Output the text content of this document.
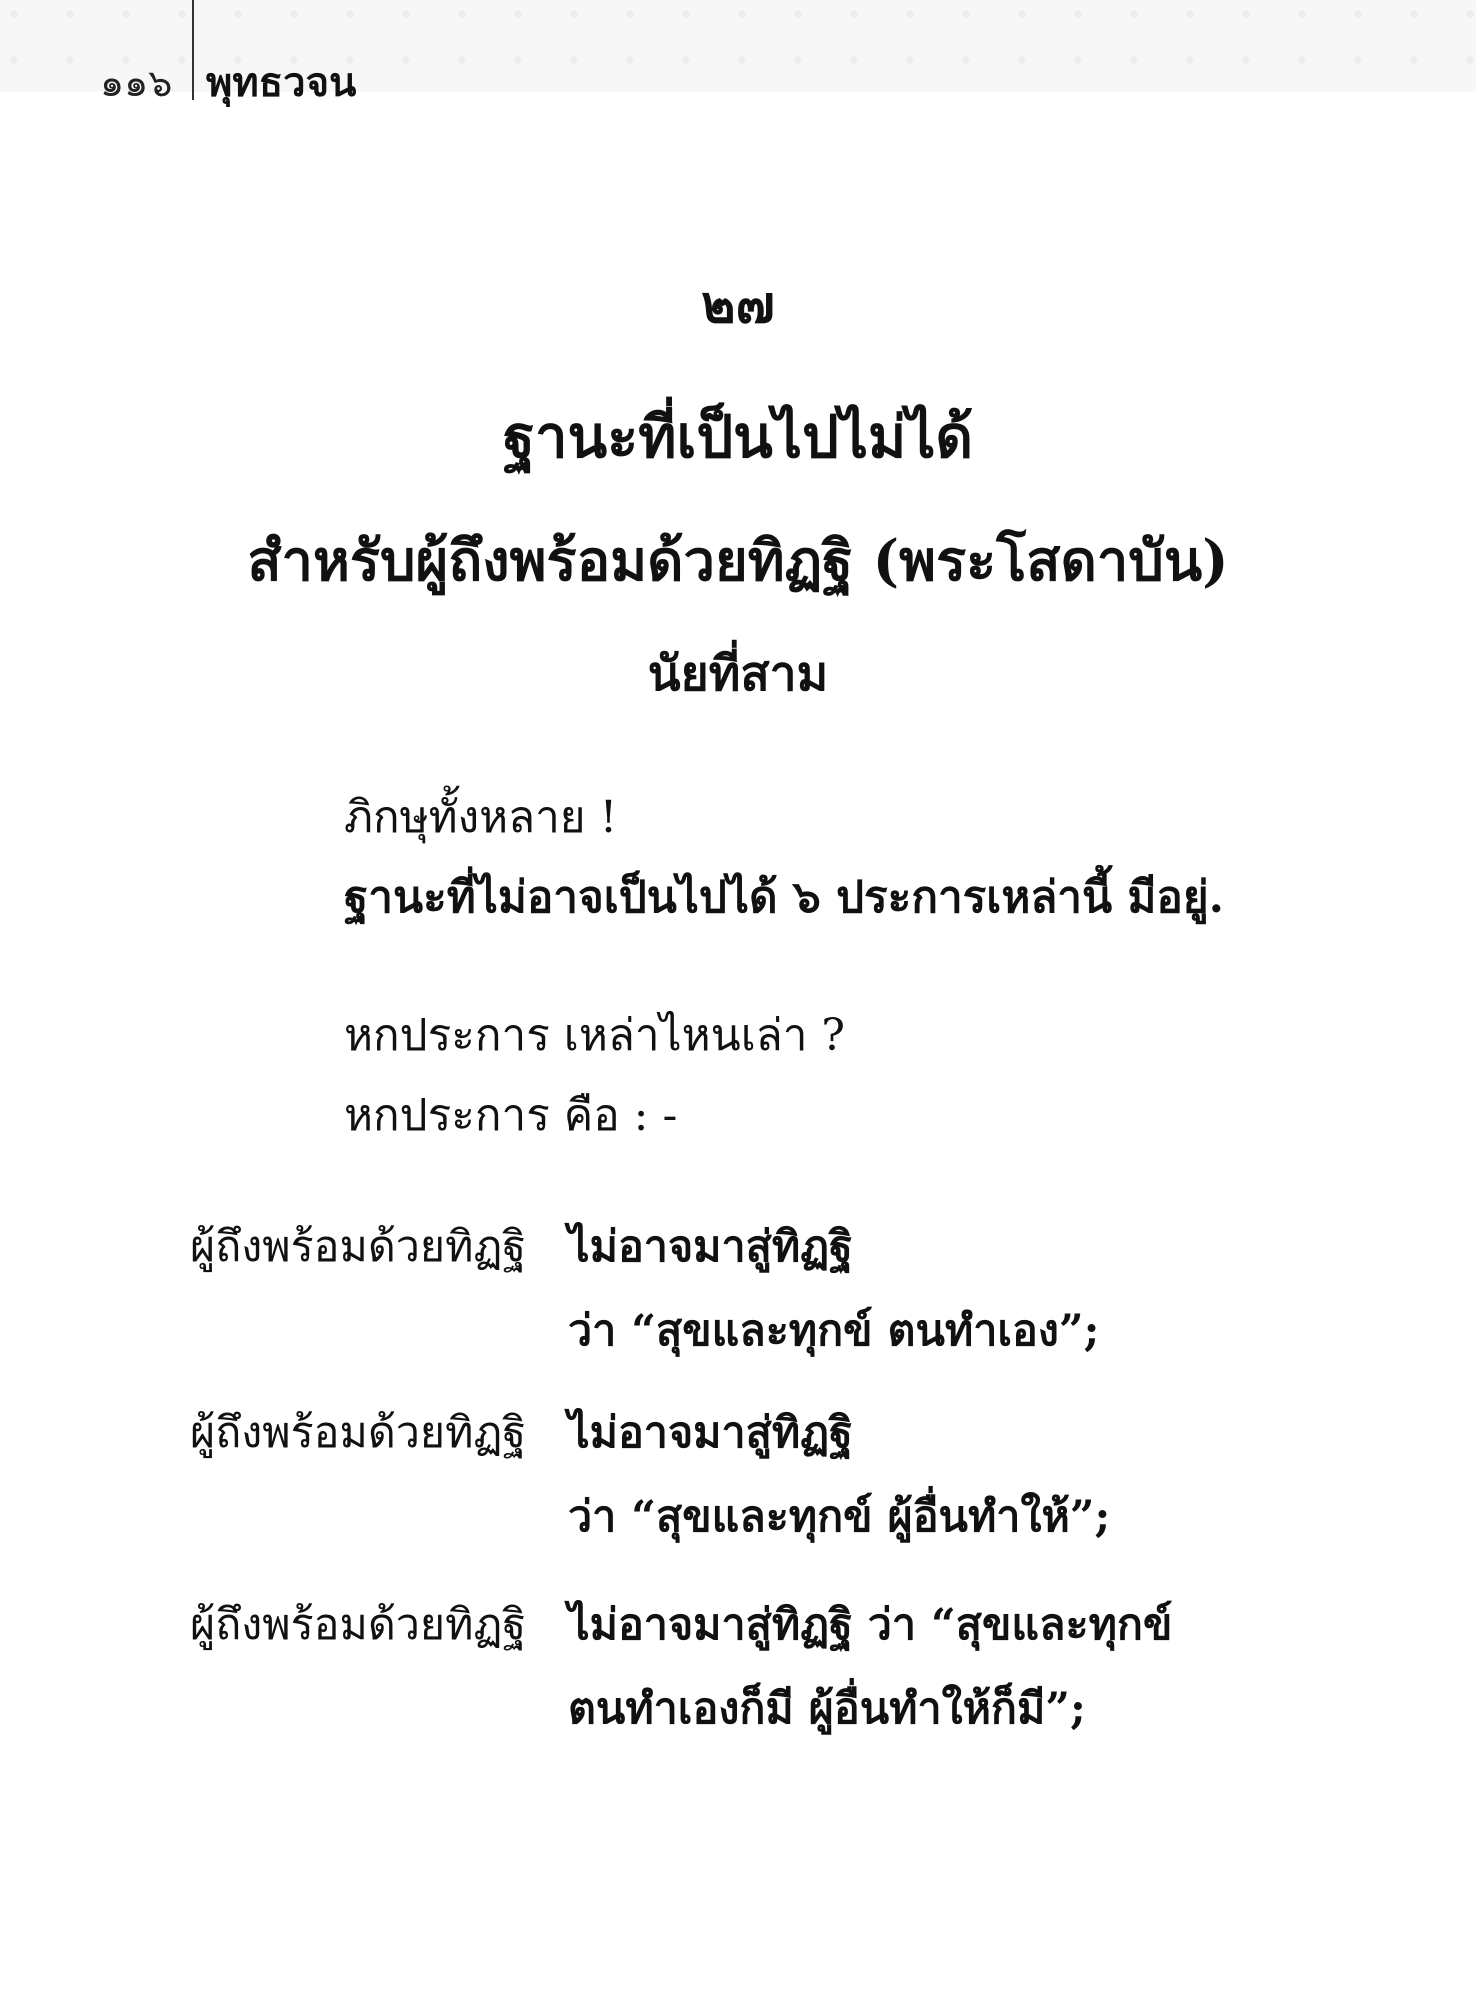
๑๑๖ พุทธวจน
๒๗
ฐานะที่เป็นไปไม่ได้
สำหรับผู้ถึงพร้อมด้วยทิฏฐิ (พระโสดาบัน)
นัยที่สาม
ภิกษุทั้งหลาย !
ฐานะที่ไม่อาจเป็นไปได้ ๖ ประการเหล่านี้ มีอยู่.
หกประการ เหล่าไหนเล่า ?
หกประการ คือ : -
ผู้ถึงพร้อมด้วยทิฏฐิ ไม่อาจมาสู่ทิฏฐิ
ว่า “สุขและทุกข์ ตนทำเอง”;
ผู้ถึงพร้อมด้วยทิฏฐิ ไม่อาจมาสู่ทิฏฐิ
ว่า “สุขและทุกข์ ผู้อื่นทำให้”;
ผู้ถึงพร้อมด้วยทิฏฐิ ไม่อาจมาสู่ทิฏฐิ ว่า “สุขและทุกข์
ตนทำเองก็มี ผู้อื่นทำให้ก็มี”;
